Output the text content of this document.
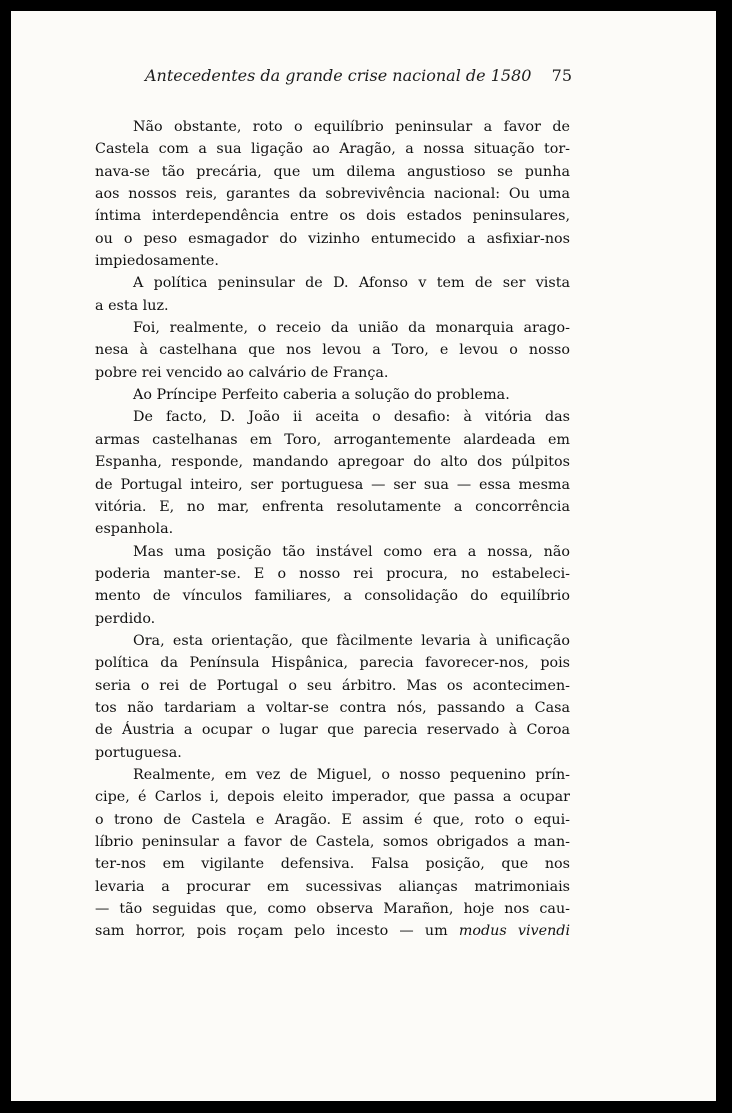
Antecedentes da grande crise nacional de 1580 75
Não obstante, roto o equilíbrio peninsular a favor de
Castela com a sua ligação ao Aragão, a nossa situação tor-
nava-se tão precária, que um dilema angustioso se punha
aos nossos reis, garantes da sobrevivência nacional: Ou uma
íntima interdependência entre os dois estados peninsulares,
ou o peso esmagador do vizinho entumecido a asfixiar-nos
impiedosamente.
A política peninsular de D. Afonso v tem de ser vista
a esta luz.
Foi, realmente, o receio da união da monarquia arago-
nesa à castelhana que nos levou a Toro, e levou o nosso
pobre rei vencido ao calvário de França.
Ao Príncipe Perfeito caberia a solução do problema.
De facto, D. João ii aceita o desafio: à vitória das
armas castelhanas em Toro, arrogantemente alardeada em
Espanha, responde, mandando apregoar do alto dos púlpitos
de Portugal inteiro, ser portuguesa — ser sua — essa mesma
vitória. E, no mar, enfrenta resolutamente a concorrência
espanhola.
Mas uma posição tão instável como era a nossa, não
poderia manter-se. E o nosso rei procura, no estabeleci-
mento de vínculos familiares, a consolidação do equilíbrio
perdido.
Ora, esta orientação, que fàcilmente levaria à unificação
política da Península Hispânica, parecia favorecer-nos, pois
seria o rei de Portugal o seu árbitro. Mas os acontecimen-
tos não tardariam a voltar-se contra nós, passando a Casa
de Áustria a ocupar o lugar que parecia reservado à Coroa
portuguesa.
Realmente, em vez de Miguel, o nosso pequenino prín-
cipe, é Carlos i, depois eleito imperador, que passa a ocupar
o trono de Castela e Aragão. E assim é que, roto o equi-
líbrio peninsular a favor de Castela, somos obrigados a man-
ter-nos em vigilante defensiva. Falsa posição, que nos
levaria a procurar em sucessivas alianças matrimoniais
— tão seguidas que, como observa Marañon, hoje nos cau-
sam horror, pois roçam pelo incesto — um modus vivendi
